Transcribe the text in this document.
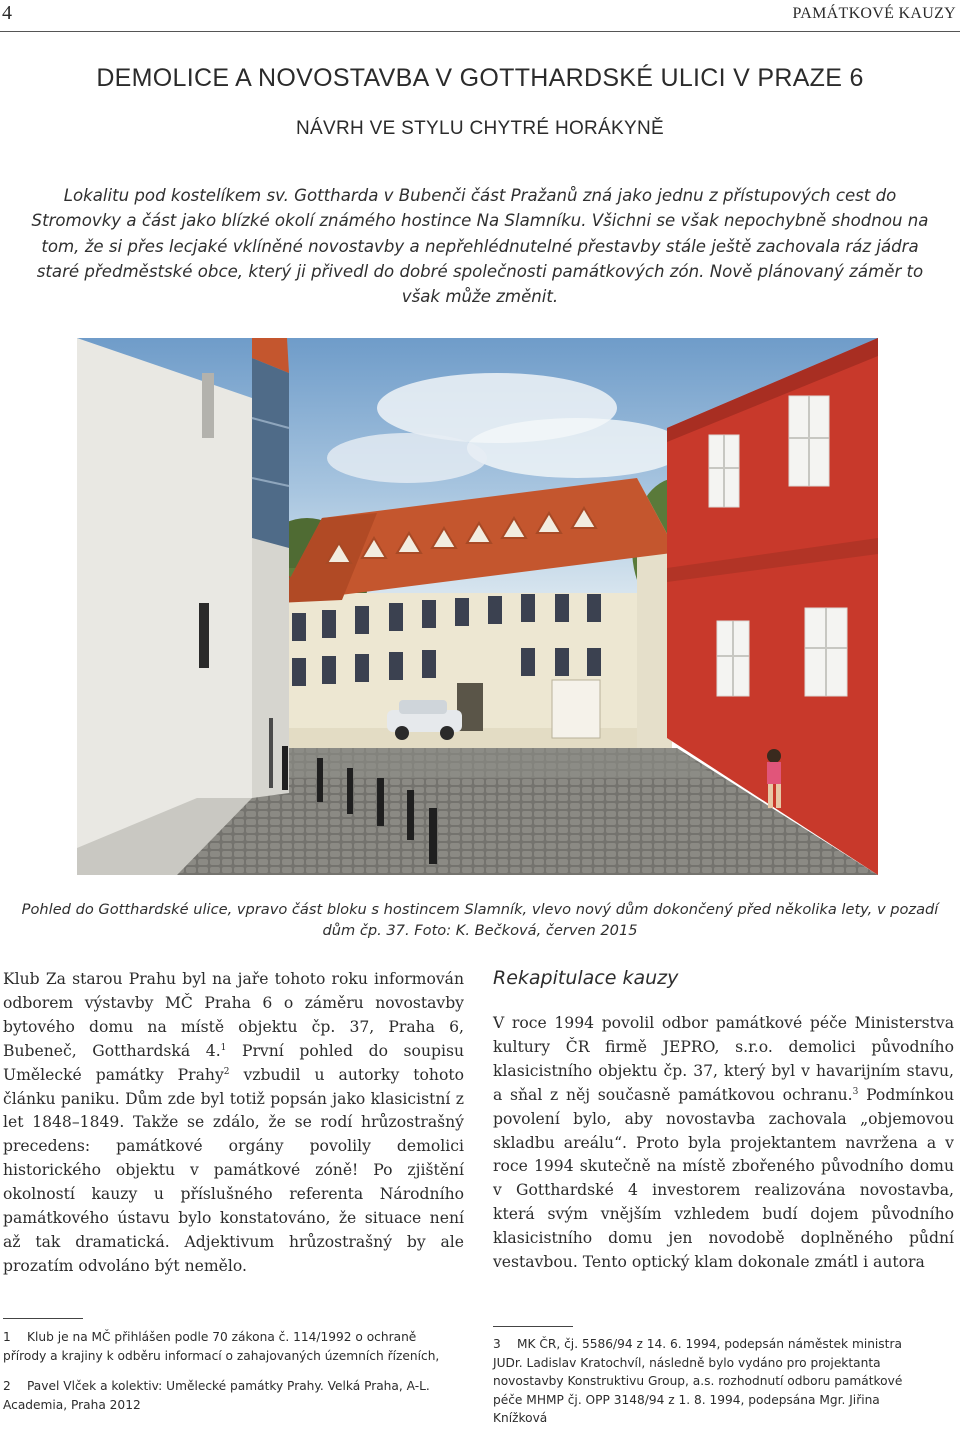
4	PAMÁTKOVÉ KAUZY
DEMOLICE A NOVOSTAVBA V GOTTHARDSKÉ ULICI V PRAZE 6
NÁVRH VE STYLU CHYTRÉ HORÁKYNĚ
Lokalitu pod kostelíkem sv. Gottharda v Bubenči část Pražanů zná jako jednu z přístupových cest do Stromovky a část jako blízké okolí známého hostince Na Slamníku. Všichni se však nepochybně shodnou na tom, že si přes lecjaké vklíněné novostavby a nepřehlédnutelné přestavby stále ještě zachovala ráz jádra staré předměstské obce, který ji přivedl do dobré společnosti památkových zón. Nově plánovaný záměr to však může změnit.
Pohled do Gotthardské ulice, vpravo část bloku s hostincem Slamník, vlevo nový dům dokončený před několika lety, v pozadí dům čp. 37. Foto: K. Bečková, červen 2015
Klub Za starou Prahu byl na jaře tohoto roku informován odborem výstavby MČ Praha 6 o záměru novostavby bytového domu na místě objektu čp. 37, Praha 6, Bubeneč, Gotthardská 4.$^1$ První pohled do soupisu Umělecké památky Prahy$^2$ vzbudil u autorky tohoto článku paniku. Dům zde byl totiž popsán jako klasicistní z let 1848–1849. Takže se zdálo, že se rodí hrůzostrašný precedens: památkové orgány povolily demolici historického objektu v památkové zóně! Po zjištění okolností kauzy u příslušného referenta Národního památkového ústavu bylo konstatováno, že situace není až tak dramatická. Adjektivum hrůzostrašný by ale prozatím odvoláno být nemělo.
Rekapitulace kauzy
V roce 1994 povolil odbor památkové péče Ministerstva kultury ČR firmě JEPRO, s.r.o. demolici původního klasicistního objektu čp. 37, který byl v havarijním stavu, a sňal z něj současně památkovou ochranu.$^3$ Podmínkou povolení bylo, aby novostavba zachovala „objemovou skladbu areálu“. Proto byla projektantem navržena a v roce 1994 skutečně na místě zbořeného původního domu v Gotthardské 4 investorem realizována novostavba, která svým vnějším vzhledem budí dojem původního klasicistního domu jen novodobě doplněného půdní vestavbou. Tento optický klam dokonale zmátl i autora

1 Klub je na MČ přihlášen podle 70 zákona č. 114/1992 o ochraně přírody a krajiny k odběru informací o zahajovaných územních řízeních,

2 Pavel Vlček a kolektiv: Umělecké památky Prahy. Velká Praha, A-L. Academia, Praha 2012

3 MK ČR, čj. 5586/94 z 14. 6. 1994, podepsán náměstek ministra JUDr. Ladislav Kratochvíl, následně bylo vydáno pro projektanta novostavby Konstruktivu Group, a.s. rozhodnutí odboru památkové péče MHMP čj. OPP 3148/94 z 1. 8. 1994, podepsána Mgr. Jiřina Knížková
